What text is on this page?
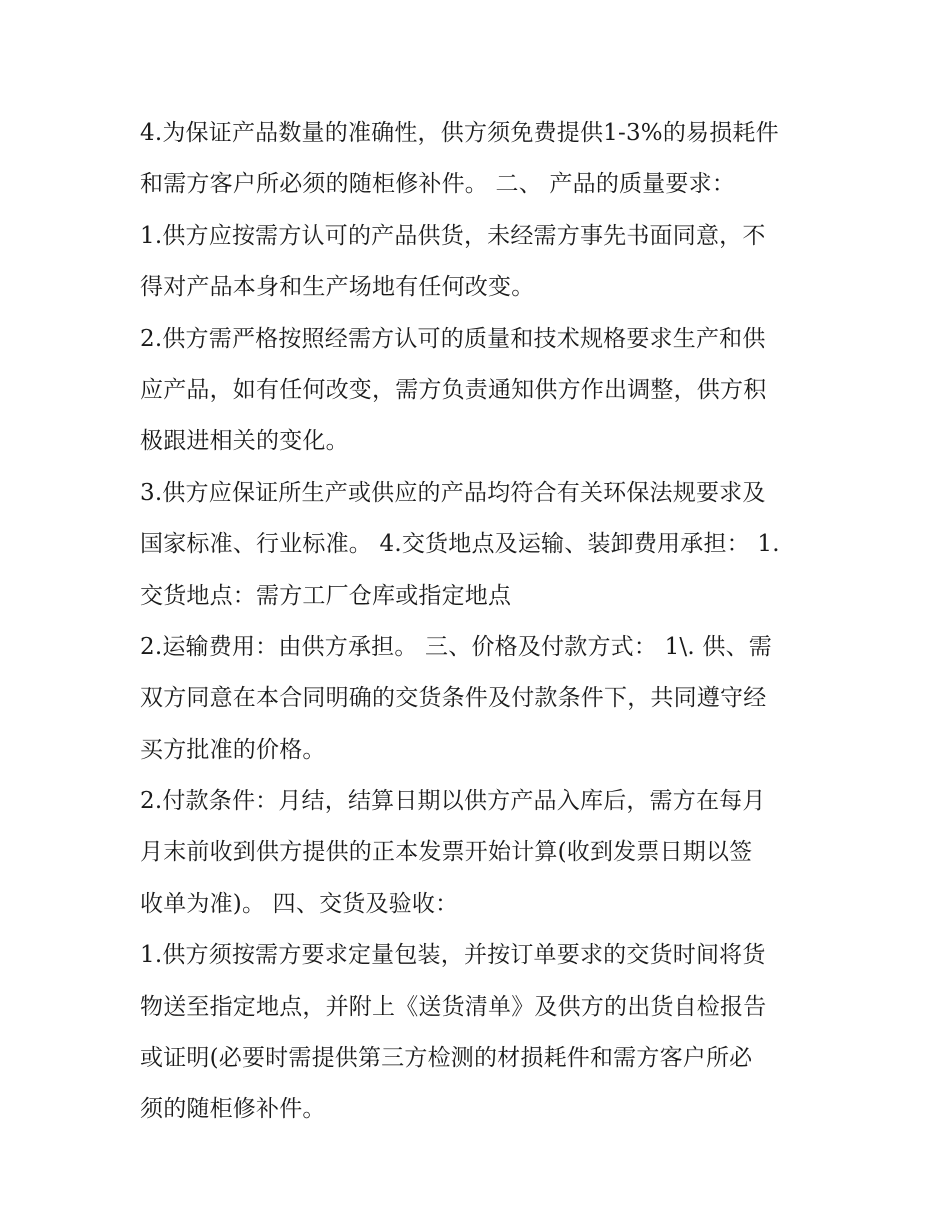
4.为保证产品数量的准确性，供方须免费提供1-3%的易损耗件
和需方客户所必须的随柜修补件。 二、 产品的质量要求：
1.供方应按需方认可的产品供货，未经需方事先书面同意，不
得对产品本身和生产场地有任何改变。
2.供方需严格按照经需方认可的质量和技术规格要求生产和供
应产品，如有任何改变，需方负责通知供方作出调整，供方积
极跟进相关的变化。
3.供方应保证所生产或供应的产品均符合有关环保法规要求及
国家标准、行业标准。 4.交货地点及运输、装卸费用承担： 1.
交货地点：需方工厂仓库或指定地点
2.运输费用：由供方承担。 三、价格及付款方式： 1\. 供、需
双方同意在本合同明确的交货条件及付款条件下，共同遵守经
买方批准的价格。
2.付款条件：月结，结算日期以供方产品入库后，需方在每月
月末前收到供方提供的正本发票开始计算(收到发票日期以签
收单为准)。 四、交货及验收：
1.供方须按需方要求定量包装，并按订单要求的交货时间将货
物送至指定地点，并附上《送货清单》及供方的出货自检报告
或证明(必要时需提供第三方检测的材损耗件和需方客户所必
须的随柜修补件。
